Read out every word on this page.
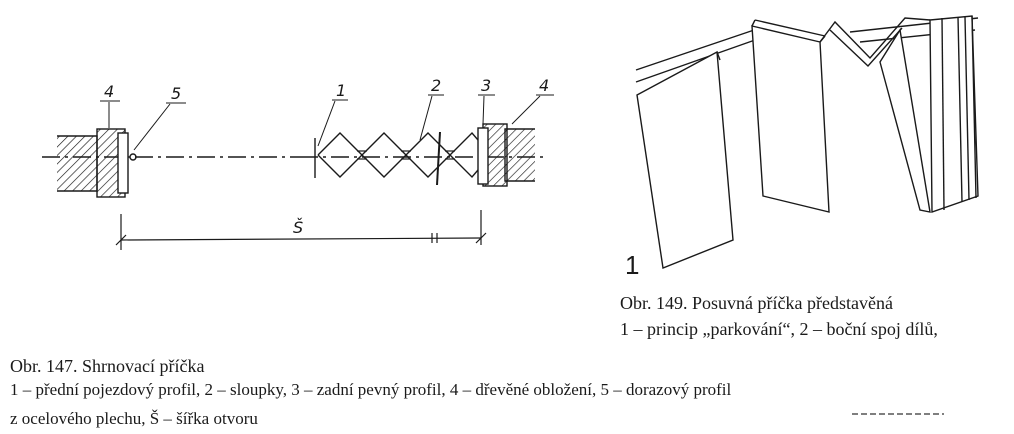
4	5	1	2 3	4
Š
1
Obr. 149. Posuvná příčka představěná
1 – princip „parkování“, 2 – boční spoj dílů,
Obr. 147. Shrnovací příčka
1 – přední pojezdový profil, 2 – sloupky, 3 – zadní pevný profil, 4 – dřevěné obložení, 5 – dorazový profil
z ocelového plechu, Š – šířka otvoru
